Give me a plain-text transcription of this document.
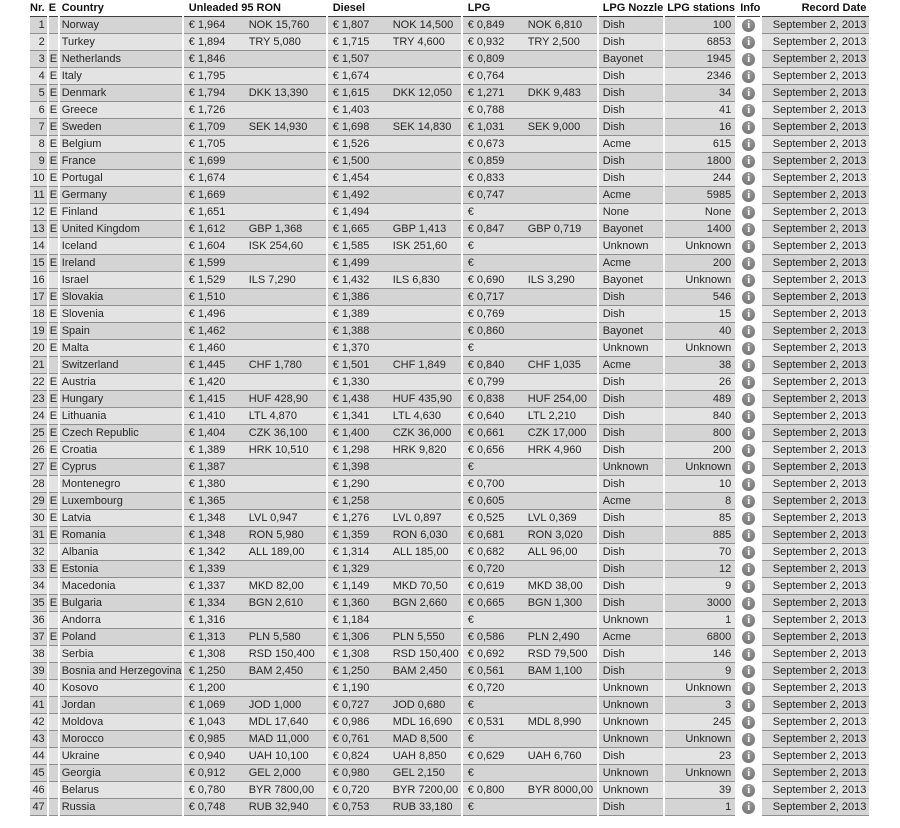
Nr.	E	Country	Unleaded 95 RON	Diesel	LPG	LPG Nozzle	LPG stations	Info	Record Date
1		Norway	€ 1,964 NOK 15,760	€ 1,807 NOK 14,500	€ 0,849 NOK 6,810	Dish	100	i	September 2, 2013
2		Turkey	€ 1,894 TRY 5,080	€ 1,715 TRY 4,600	€ 0,932 TRY 2,500	Dish	6853	i	September 2, 2013
3	E	Netherlands	€ 1,846	€ 1,507	€ 0,809	Bayonet	1945	i	September 2, 2013
4	E	Italy	€ 1,795	€ 1,674	€ 0,764	Dish	2346	i	September 2, 2013
5	E	Denmark	€ 1,794 DKK 13,390	€ 1,615 DKK 12,050	€ 1,271 DKK 9,483	Dish	34	i	September 2, 2013
6	E	Greece	€ 1,726	€ 1,403	€ 0,788	Dish	41	i	September 2, 2013
7	E	Sweden	€ 1,709 SEK 14,930	€ 1,698 SEK 14,830	€ 1,031 SEK 9,000	Dish	16	i	September 2, 2013
8	E	Belgium	€ 1,705	€ 1,526	€ 0,673	Acme	615	i	September 2, 2013
9	E	France	€ 1,699	€ 1,500	€ 0,859	Dish	1800	i	September 2, 2013
10	E	Portugal	€ 1,674	€ 1,454	€ 0,833	Dish	244	i	September 2, 2013
11	E	Germany	€ 1,669	€ 1,492	€ 0,747	Acme	5985	i	September 2, 2013
12	E	Finland	€ 1,651	€ 1,494	€	None	None	i	September 2, 2013
13	E	United Kingdom	€ 1,612 GBP 1,368	€ 1,665 GBP 1,413	€ 0,847 GBP 0,719	Bayonet	1400	i	September 2, 2013
14		Iceland	€ 1,604 ISK 254,60	€ 1,585 ISK 251,60	€	Unknown	Unknown	i	September 2, 2013
15	E	Ireland	€ 1,599	€ 1,499	€	Acme	200	i	September 2, 2013
16		Israel	€ 1,529 ILS 7,290	€ 1,432 ILS 6,830	€ 0,690 ILS 3,290	Bayonet	Unknown	i	September 2, 2013
17	E	Slovakia	€ 1,510	€ 1,386	€ 0,717	Dish	546	i	September 2, 2013
18	E	Slovenia	€ 1,496	€ 1,389	€ 0,769	Dish	15	i	September 2, 2013
19	E	Spain	€ 1,462	€ 1,388	€ 0,860	Bayonet	40	i	September 2, 2013
20	E	Malta	€ 1,460	€ 1,370	€	Unknown	Unknown	i	September 2, 2013
21		Switzerland	€ 1,445 CHF 1,780	€ 1,501 CHF 1,849	€ 0,840 CHF 1,035	Acme	38	i	September 2, 2013
22	E	Austria	€ 1,420	€ 1,330	€ 0,799	Dish	26	i	September 2, 2013
23	E	Hungary	€ 1,415 HUF 428,90	€ 1,438 HUF 435,90	€ 0,838 HUF 254,00	Dish	489	i	September 2, 2013
24	E	Lithuania	€ 1,410 LTL 4,870	€ 1,341 LTL 4,630	€ 0,640 LTL 2,210	Dish	840	i	September 2, 2013
25	E	Czech Republic	€ 1,404 CZK 36,100	€ 1,400 CZK 36,000	€ 0,661 CZK 17,000	Dish	800	i	September 2, 2013
26	E	Croatia	€ 1,389 HRK 10,510	€ 1,298 HRK 9,820	€ 0,656 HRK 4,960	Dish	200	i	September 2, 2013
27	E	Cyprus	€ 1,387	€ 1,398	€	Unknown	Unknown	i	September 2, 2013
28		Montenegro	€ 1,380	€ 1,290	€ 0,700	Dish	10	i	September 2, 2013
29	E	Luxembourg	€ 1,365	€ 1,258	€ 0,605	Acme	8	i	September 2, 2013
30	E	Latvia	€ 1,348 LVL 0,947	€ 1,276 LVL 0,897	€ 0,525 LVL 0,369	Dish	85	i	September 2, 2013
31	E	Romania	€ 1,348 RON 5,980	€ 1,359 RON 6,030	€ 0,681 RON 3,020	Dish	885	i	September 2, 2013
32		Albania	€ 1,342 ALL 189,00	€ 1,314 ALL 185,00	€ 0,682 ALL 96,00	Dish	70	i	September 2, 2013
33	E	Estonia	€ 1,339	€ 1,329	€ 0,720	Dish	12	i	September 2, 2013
34		Macedonia	€ 1,337 MKD 82,00	€ 1,149 MKD 70,50	€ 0,619 MKD 38,00	Dish	9	i	September 2, 2013
35	E	Bulgaria	€ 1,334 BGN 2,610	€ 1,360 BGN 2,660	€ 0,665 BGN 1,300	Dish	3000	i	September 2, 2013
36		Andorra	€ 1,316	€ 1,184	€	Unknown	1	i	September 2, 2013
37	E	Poland	€ 1,313 PLN 5,580	€ 1,306 PLN 5,550	€ 0,586 PLN 2,490	Acme	6800	i	September 2, 2013
38		Serbia	€ 1,308 RSD 150,400	€ 1,308 RSD 150,400	€ 0,692 RSD 79,500	Dish	146	i	September 2, 2013
39		Bosnia and Herzegovina	€ 1,250 BAM 2,450	€ 1,250 BAM 2,450	€ 0,561 BAM 1,100	Dish	9	i	September 2, 2013
40		Kosovo	€ 1,200	€ 1,190	€ 0,720	Unknown	Unknown	i	September 2, 2013
41		Jordan	€ 1,069 JOD 1,000	€ 0,727 JOD 0,680	€	Unknown	3	i	September 2, 2013
42		Moldova	€ 1,043 MDL 17,640	€ 0,986 MDL 16,690	€ 0,531 MDL 8,990	Unknown	245	i	September 2, 2013
43		Morocco	€ 0,985 MAD 11,000	€ 0,761 MAD 8,500	€	Unknown	Unknown	i	September 2, 2013
44		Ukraine	€ 0,940 UAH 10,100	€ 0,824 UAH 8,850	€ 0,629 UAH 6,760	Dish	23	i	September 2, 2013
45		Georgia	€ 0,912 GEL 2,000	€ 0,980 GEL 2,150	€	Unknown	Unknown	i	September 2, 2013
46		Belarus	€ 0,780 BYR 7800,00	€ 0,720 BYR 7200,00	€ 0,800 BYR 8000,00	Unknown	39	i	September 2, 2013
47		Russia	€ 0,748 RUB 32,940	€ 0,753 RUB 33,180	€	Dish	1	i	September 2, 2013
